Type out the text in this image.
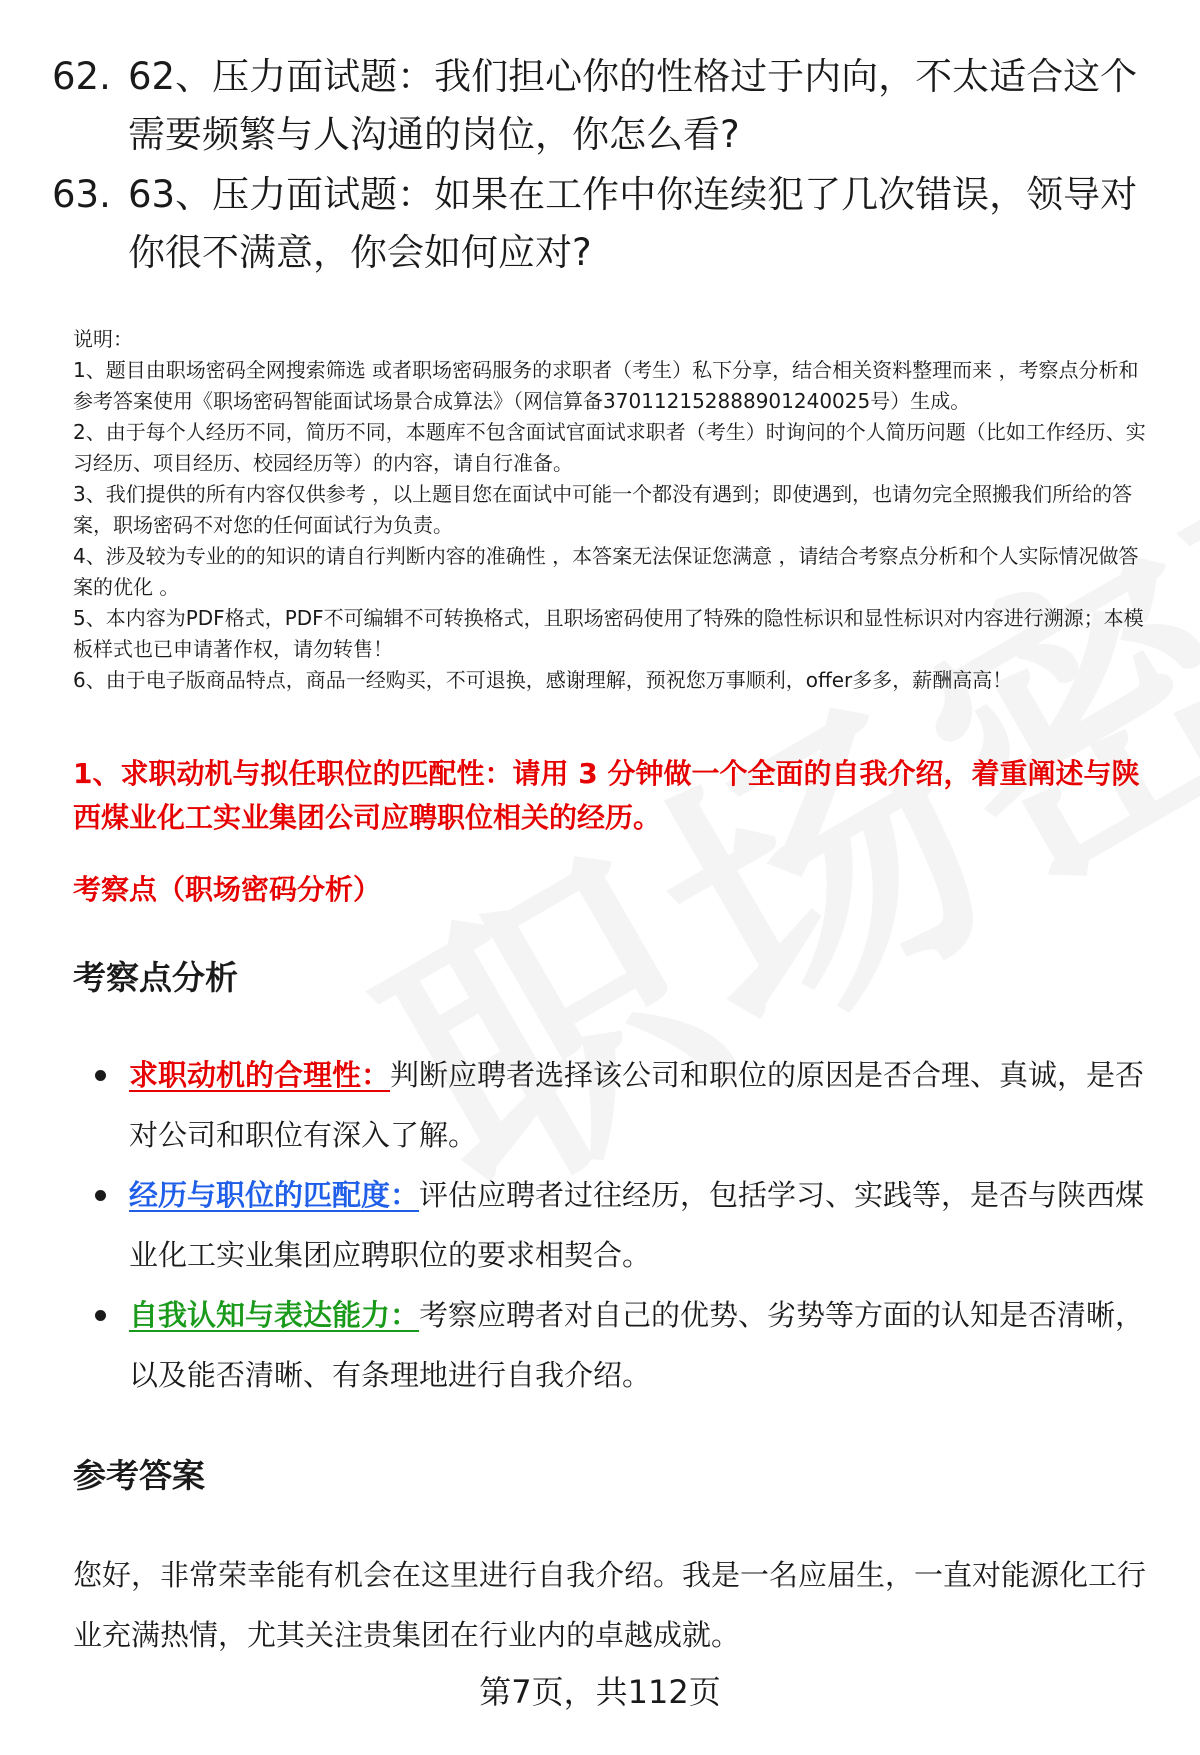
62. 62、压力面试题：我们担心你的性格过于内向，不太适合这个需要频繁与人沟通的岗位，你怎么看?
63. 63、压力面试题：如果在工作中你连续犯了几次错误，领导对你很不满意，你会如何应对?

说明：

1、题目由职场密码全网搜索筛选 或者职场密码服务的求职者（考生）私下分享，结合相关资料整理而来 ，考察点分析和参考答案使用《职场密码智能面试场景合成算法》（网信算备370112152888901240025号）生成。

2、由于每个人经历不同，简历不同，本题库不包含面试官面试求职者（考生）时询问的个人简历问题（比如工作经历、实习经历、项目经历、校园经历等）的内容，请自行准备。

3、我们提供的所有内容仅供参考 ，以上题目您在面试中可能一个都没有遇到；即使遇到，也请勿完全照搬我们所给的答案，职场密码不对您的任何面试行为负责。

4、涉及较为专业的的知识的请自行判断内容的准确性 ，本答案无法保证您满意 ，请结合考察点分析和个人实际情况做答案的优化 。

5、本内容为PDF格式，PDF不可编辑不可转换格式，且职场密码使用了特殊的隐性标识和显性标识对内容进行溯源；本模板样式也已申请著作权，请勿转售！

6、由于电子版商品特点，商品一经购买，不可退换，感谢理解，预祝您万事顺利，offer多多，薪酬高高！

1、求职动机与拟任职位的匹配性：请用 3 分钟做一个全面的自我介绍，着重阐述与陕西煤业化工实业集团公司应聘职位相关的经历。
考察点（职场密码分析）
考察点分析
求职动机的合理性：判断应聘者选择该公司和职位的原因是否合理、真诚，是否对公司和职位有深入了解。
经历与职位的匹配度：评估应聘者过往经历，包括学习、实践等，是否与陕西煤业化工实业集团应聘职位的要求相契合。
自我认知与表达能力：考察应聘者对自己的优势、劣势等方面的认知是否清晰，以及能否清晰、有条理地进行自我介绍。
参考答案
您好，非常荣幸能有机会在这里进行自我介绍。我是一名应届生，一直对能源化工行业充满热情，尤其关注贵集团在行业内的卓越成就。
第7页，共112页
